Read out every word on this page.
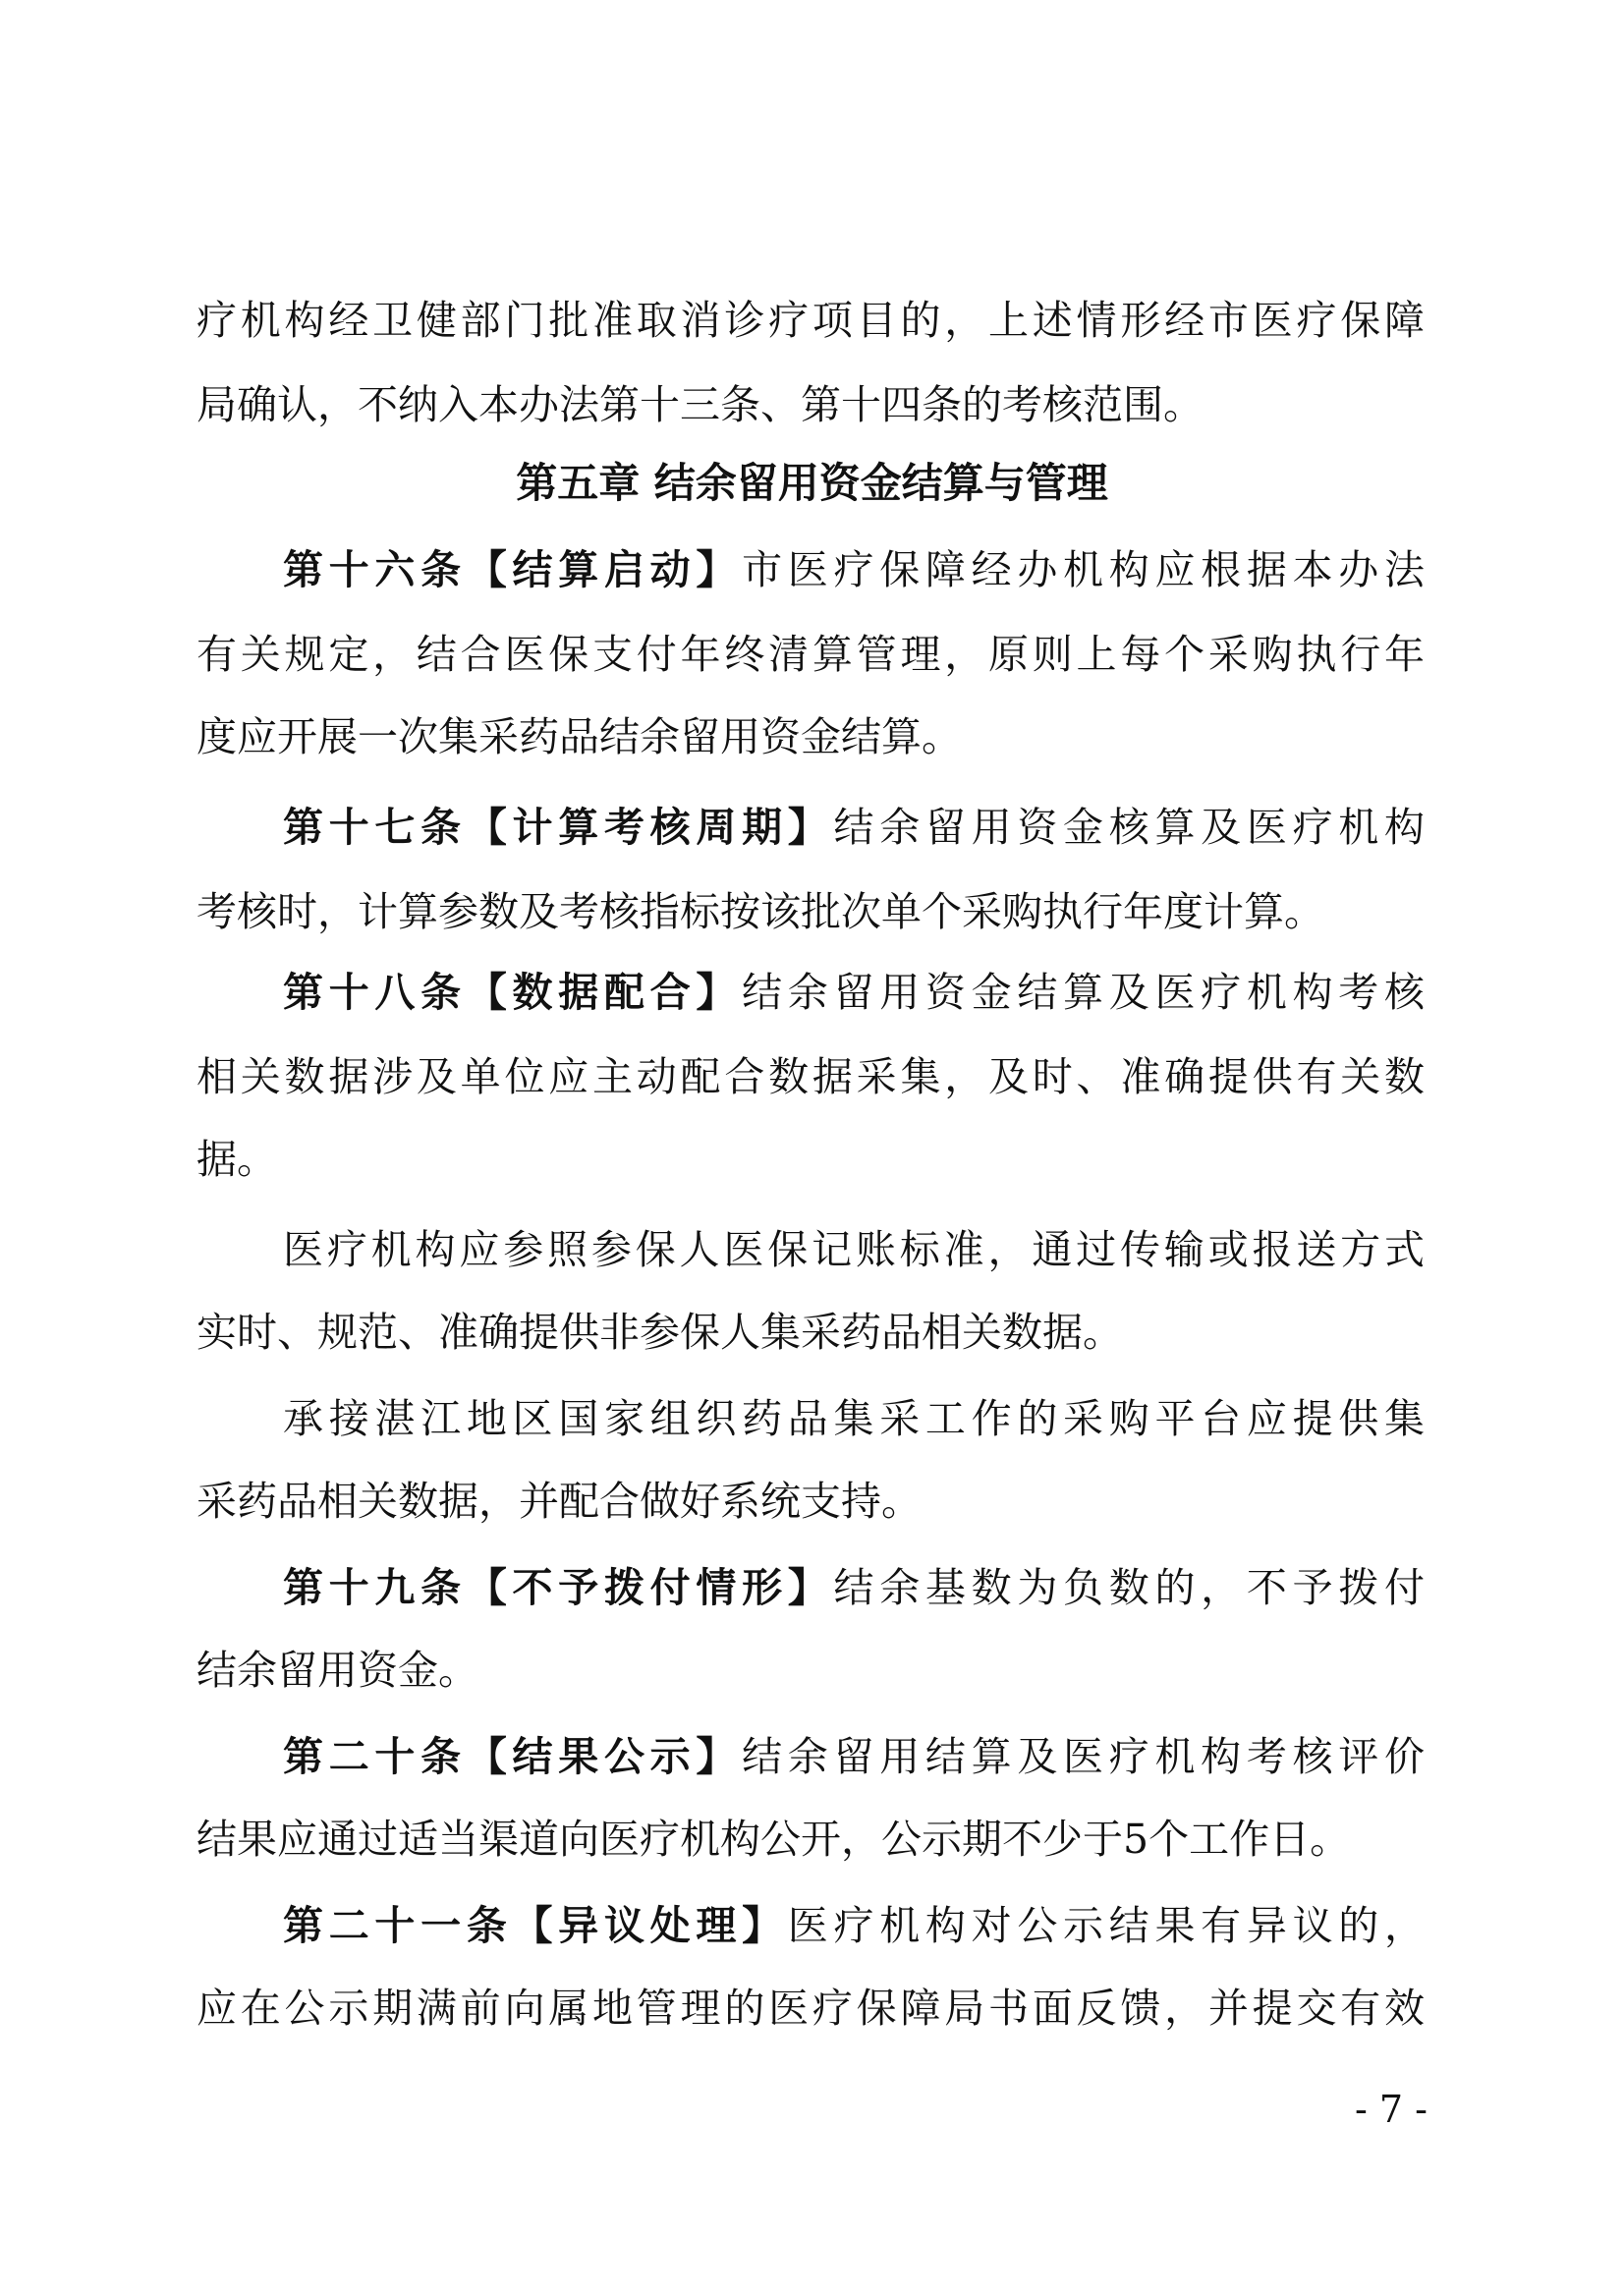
疗机构经卫健部门批准取消诊疗项目的，上述情形经市医疗保障
局确认，不纳入本办法第十三条、第十四条的考核范围。
第五章 结余留用资金结算与管理
第十六条【结算启动】市医疗保障经办机构应根据本办法
有关规定，结合医保支付年终清算管理，原则上每个采购执行年
度应开展一次集采药品结余留用资金结算。
第十七条【计算考核周期】结余留用资金核算及医疗机构
考核时，计算参数及考核指标按该批次单个采购执行年度计算。
第十八条【数据配合】结余留用资金结算及医疗机构考核
相关数据涉及单位应主动配合数据采集，及时、准确提供有关数
据。
医疗机构应参照参保人医保记账标准，通过传输或报送方式
实时、规范、准确提供非参保人集采药品相关数据。
承接湛江地区国家组织药品集采工作的采购平台应提供集
采药品相关数据，并配合做好系统支持。
第十九条【不予拨付情形】结余基数为负数的，不予拨付
结余留用资金。
第二十条【结果公示】结余留用结算及医疗机构考核评价
结果应通过适当渠道向医疗机构公开，公示期不少于5个工作日。
第二十一条【异议处理】医疗机构对公示结果有异议的，
应在公示期满前向属地管理的医疗保障局书面反馈，并提交有效
- 7 -
